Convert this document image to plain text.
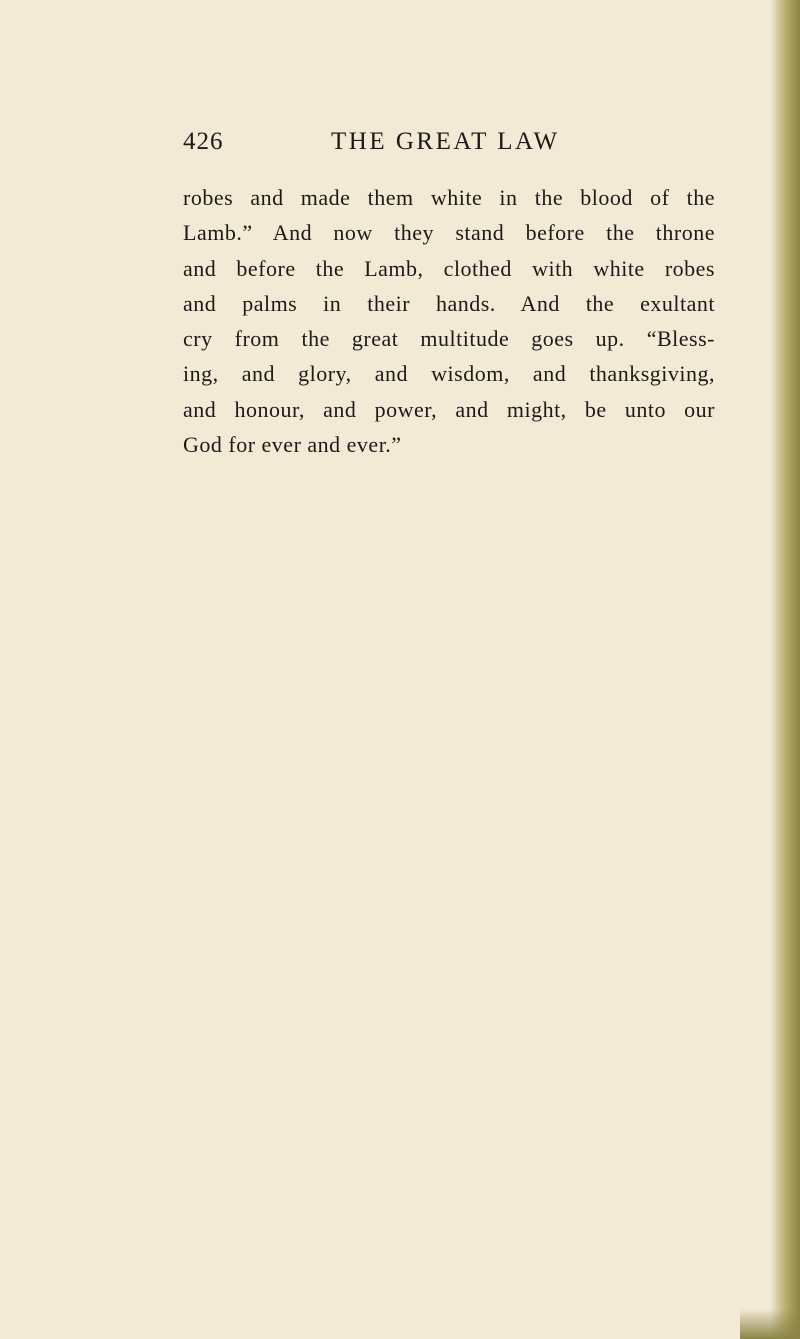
426	THE GREAT LAW
robes and made them white in the blood of the
Lamb.” And now they stand before the throne
and before the Lamb, clothed with white robes
and palms in their hands. And the exultant
cry from the great multitude goes up. “Bless-
ing, and glory, and wisdom, and thanksgiving,
and honour, and power, and might, be unto our
God for ever and ever.”
